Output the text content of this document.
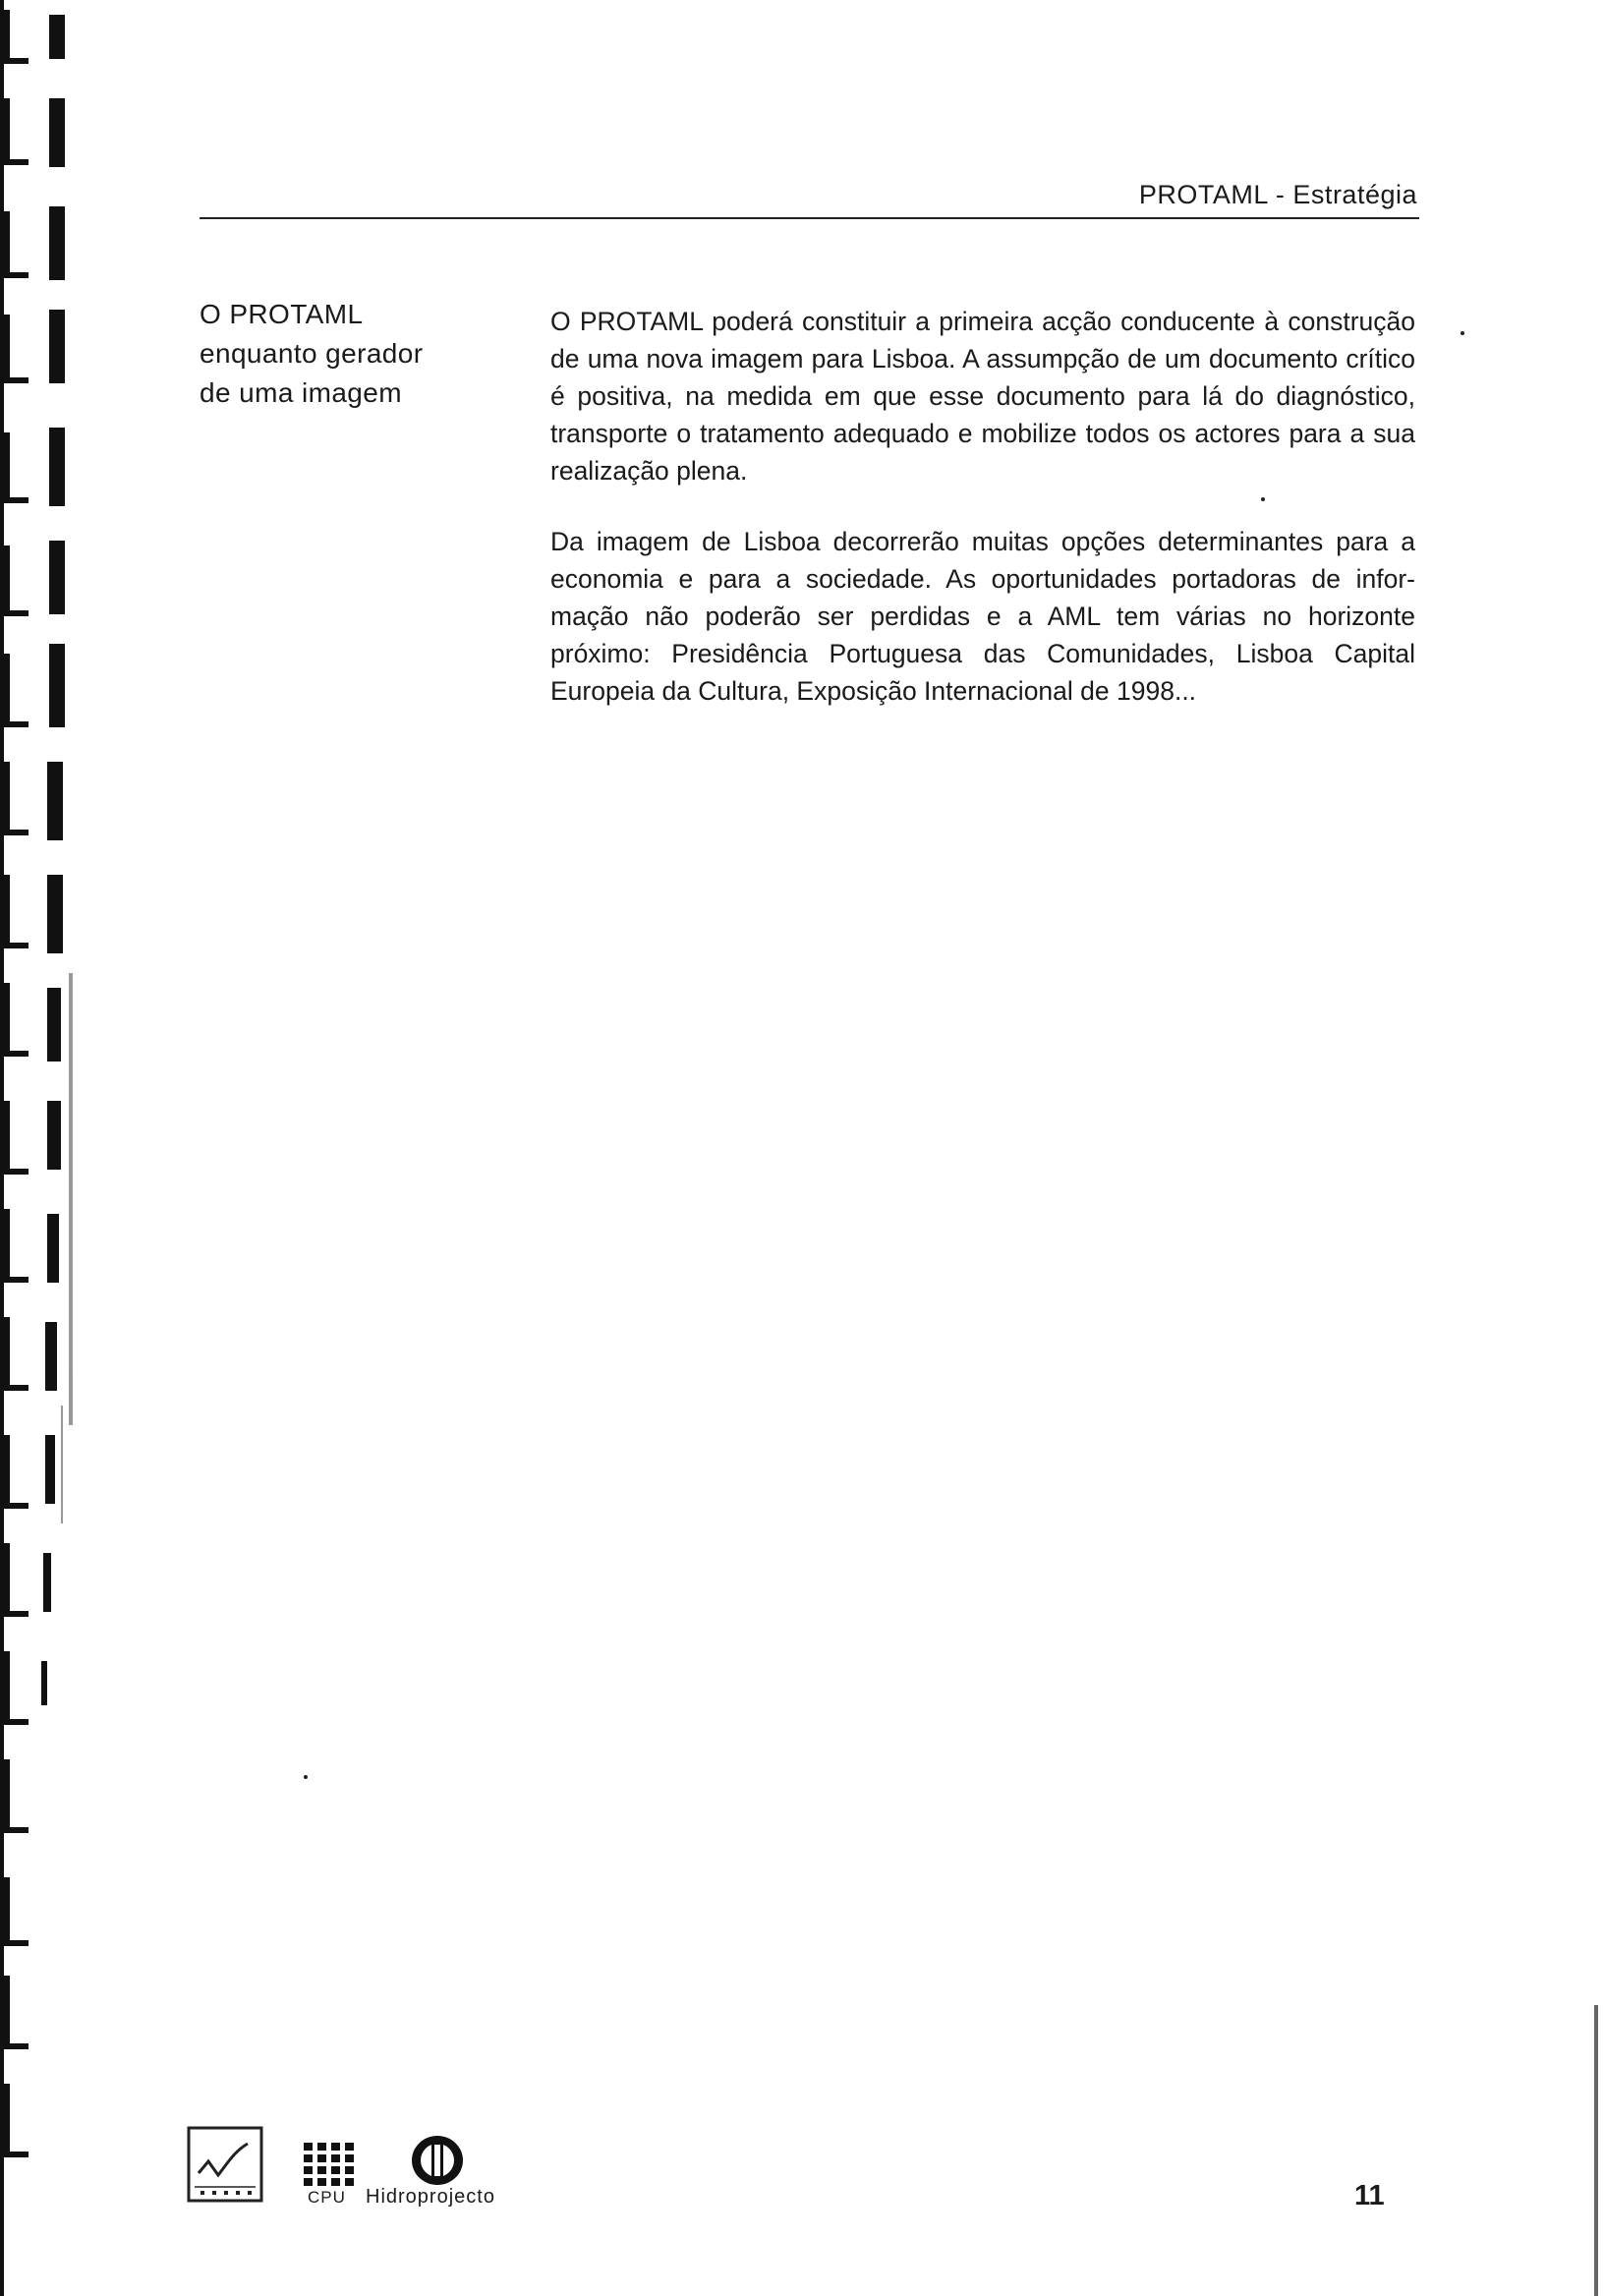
PROTAML - Estratégia
O PROTAML
enquanto gerador
de uma imagem

O PROTAML poderá constituir a primeira acção conducente à construção de uma nova imagem para Lisboa. A assumpção de um documento crítico é positiva, na medida em que esse documento para lá do diagnóstico, transporte o tratamento adequado e mobilize todos os actores para a sua realização plena.

Da imagem de Lisboa decorrerão muitas opções determinantes para a economia e para a sociedade. As oportunidades portadoras de infor-mação não poderão ser perdidas e a AML tem várias no horizonte próximo: Presidência Portuguesa das Comunidades, Lisboa Capital Europeia da Cultura, Exposição Internacional de 1998...

CPU Hidroprojecto	11
